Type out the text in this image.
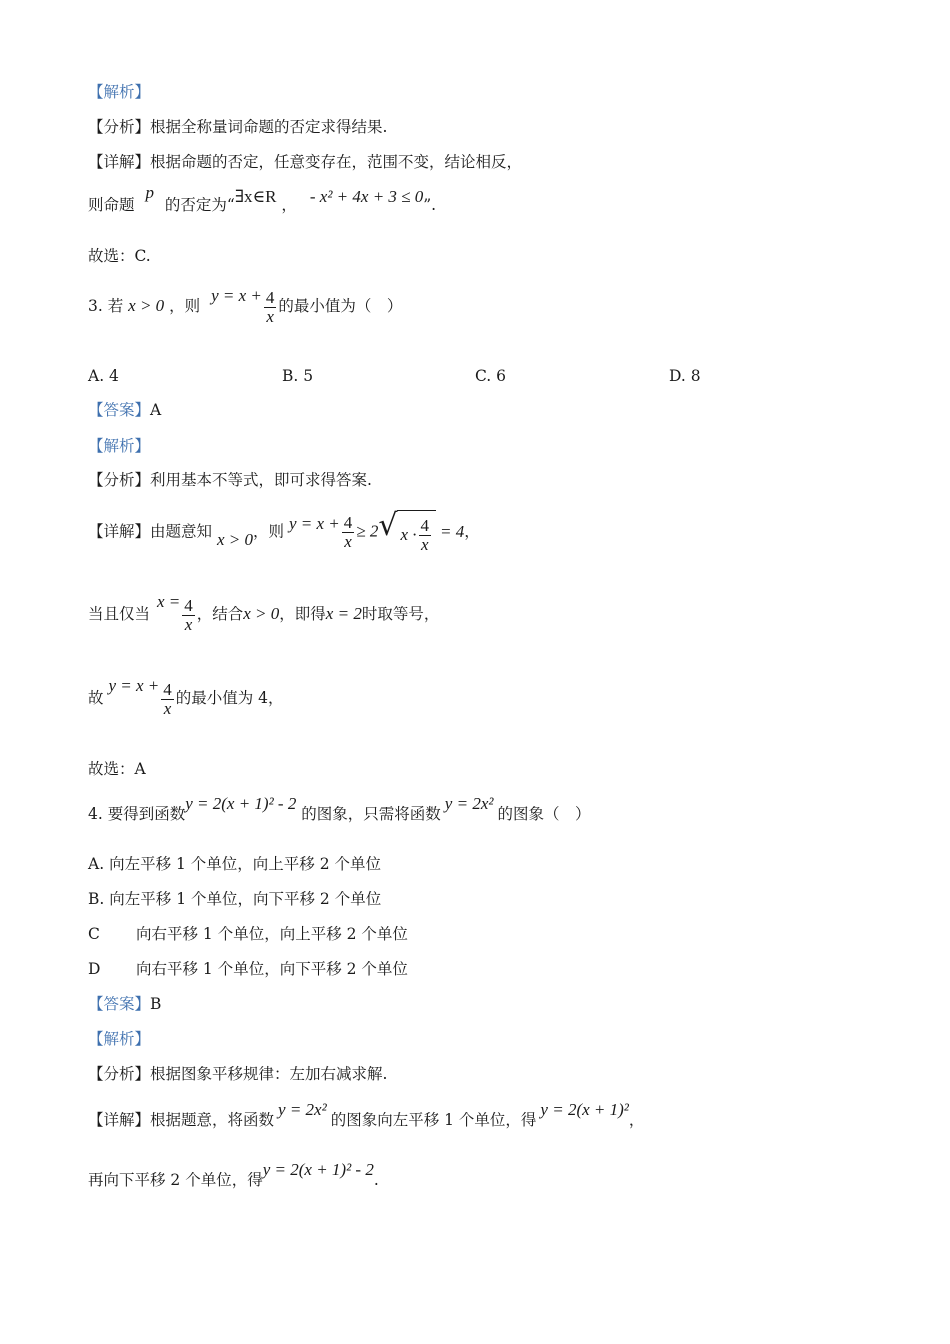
【解析】
【分析】根据全称量词命题的否定求得结果.
【详解】根据命题的否定，任意变存在，范围不变，结论相反，
则命题 p 的否定为“∃x∈R ， - x² + 4x + 3 ≤ 0”.
故选：C.
3. 若 x > 0 ，则 $y = x + \frac{4}{x}$ 的最小值为（　）
A. 4	B. 5	C. 6	D. 8
【答案】A
【解析】
【分析】利用基本不等式，即可求得答案.
【详解】由题意知 x > 0，则 $y = x + \frac{4}{x} \ge 2$ √ $x \cdot \frac{4}{x} = 4$，
当且仅当 $x = \frac{4}{x}$ ，结合x > 0，即得x = 2时取等号，
故 $y = x + \frac{4}{x}$ 的最小值为 4，
故选：A
4. 要得到函数y = 2(x + 1)² - 2 的图象，只需将函数y = 2x²的图象（　）
A. 向左平移 1 个单位，向上平移 2 个单位
B. 向左平移 1 个单位，向下平移 2 个单位
C 向右平移 1 个单位，向上平移 2 个单位
D 向右平移 1 个单位，向下平移 2 个单位
【答案】B
【解析】
【分析】根据图象平移规律：左加右减求解.
【详解】根据题意，将函数y = 2x²的图象向左平移 1 个单位，得y = 2(x + 1)²，
再向下平移 2 个单位，得y = 2(x + 1)² - 2.
